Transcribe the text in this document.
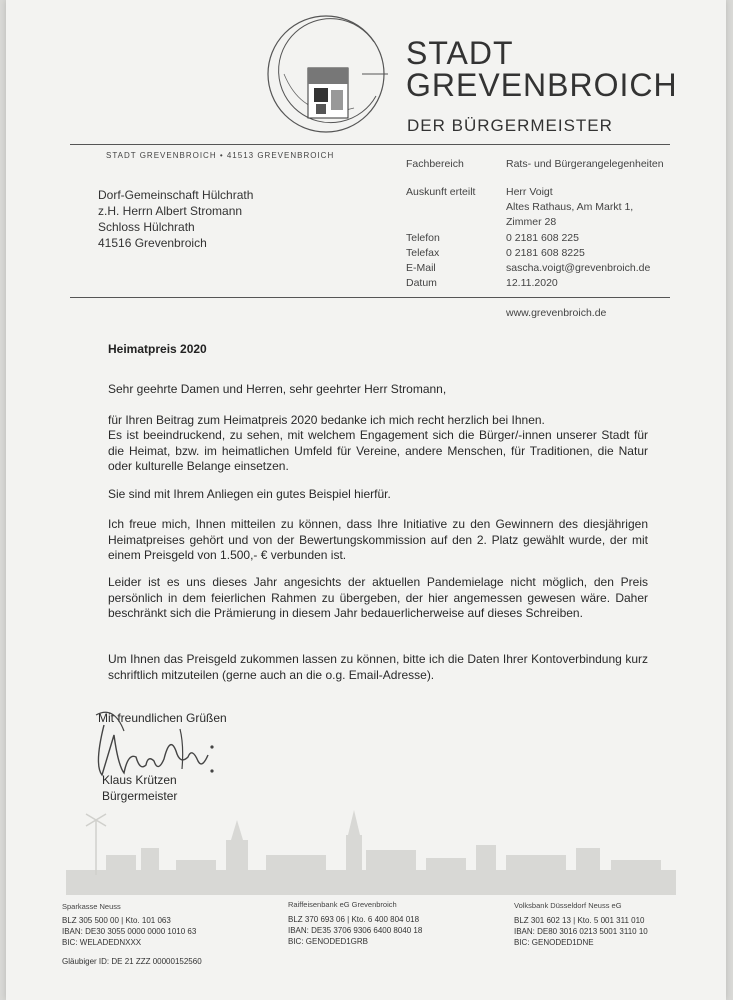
STADT
GREVENBROICH
DER BÜRGERMEISTER
STADT GREVENBROICH • 41513 GREVENBROICH
Dorf-Gemeinschaft Hülchrath
z.H. Herrn Albert Stromann
Schloss Hülchrath
41516 Grevenbroich
Fachbereich	Rats- und Bürgerangelegenheiten
Auskunft erteilt	Herr Voigt
Altes Rathaus, Am Markt 1,
Zimmer 28
Telefon	0 2181 608 225
Telefax	0 2181 608 8225
E-Mail	sascha.voigt@grevenbroich.de
Datum	12.11.2020
www.grevenbroich.de
Heimatpreis 2020
Sehr geehrte Damen und Herren, sehr geehrter Herr Stromann,
für Ihren Beitrag zum Heimatpreis 2020 bedanke ich mich recht herzlich bei Ihnen.
Es ist beeindruckend, zu sehen, mit welchem Engagement sich die Bürger/-innen unserer Stadt für die Heimat, bzw. im heimatlichen Umfeld für Vereine, andere Menschen, für Traditionen, die Natur oder kulturelle Belange einsetzen.
Sie sind mit Ihrem Anliegen ein gutes Beispiel hierfür.
Ich freue mich, Ihnen mitteilen zu können, dass Ihre Initiative zu den Gewinnern des diesjährigen Heimatpreises gehört und von der Bewertungskommission auf den 2. Platz gewählt wurde, der mit einem Preisgeld von 1.500,- € verbunden ist.
Leider ist es uns dieses Jahr angesichts der aktuellen Pandemielage nicht möglich, den Preis persönlich in dem feierlichen Rahmen zu übergeben, der hier angemessen gewesen wäre. Daher beschränkt sich die Prämierung in diesem Jahr bedauerlicherweise auf dieses Schreiben.
Um Ihnen das Preisgeld zukommen lassen zu können, bitte ich die Daten Ihrer Kontoverbindung kurz schriftlich mitzuteilen (gerne auch an die o.g. Email-Adresse).
Mit freundlichen Grüßen
Klaus Krützen
Bürgermeister
Sparkasse Neuss
BLZ 305 500 00 | Kto. 101 063
IBAN: DE30 3055 0000 0000 1010 63
BIC: WELADEDNXXX
Gläubiger ID: DE 21 ZZZ 00000152560
Raiffeisenbank eG Grevenbroich
BLZ 370 693 06 | Kto. 6 400 804 018
IBAN: DE35 3706 9306 6400 8040 18
BIC: GENODED1GRB
Volksbank Düsseldorf Neuss eG
BLZ 301 602 13 | Kto. 5 001 311 010
IBAN: DE80 3016 0213 5001 3110 10
BIC: GENODED1DNE
